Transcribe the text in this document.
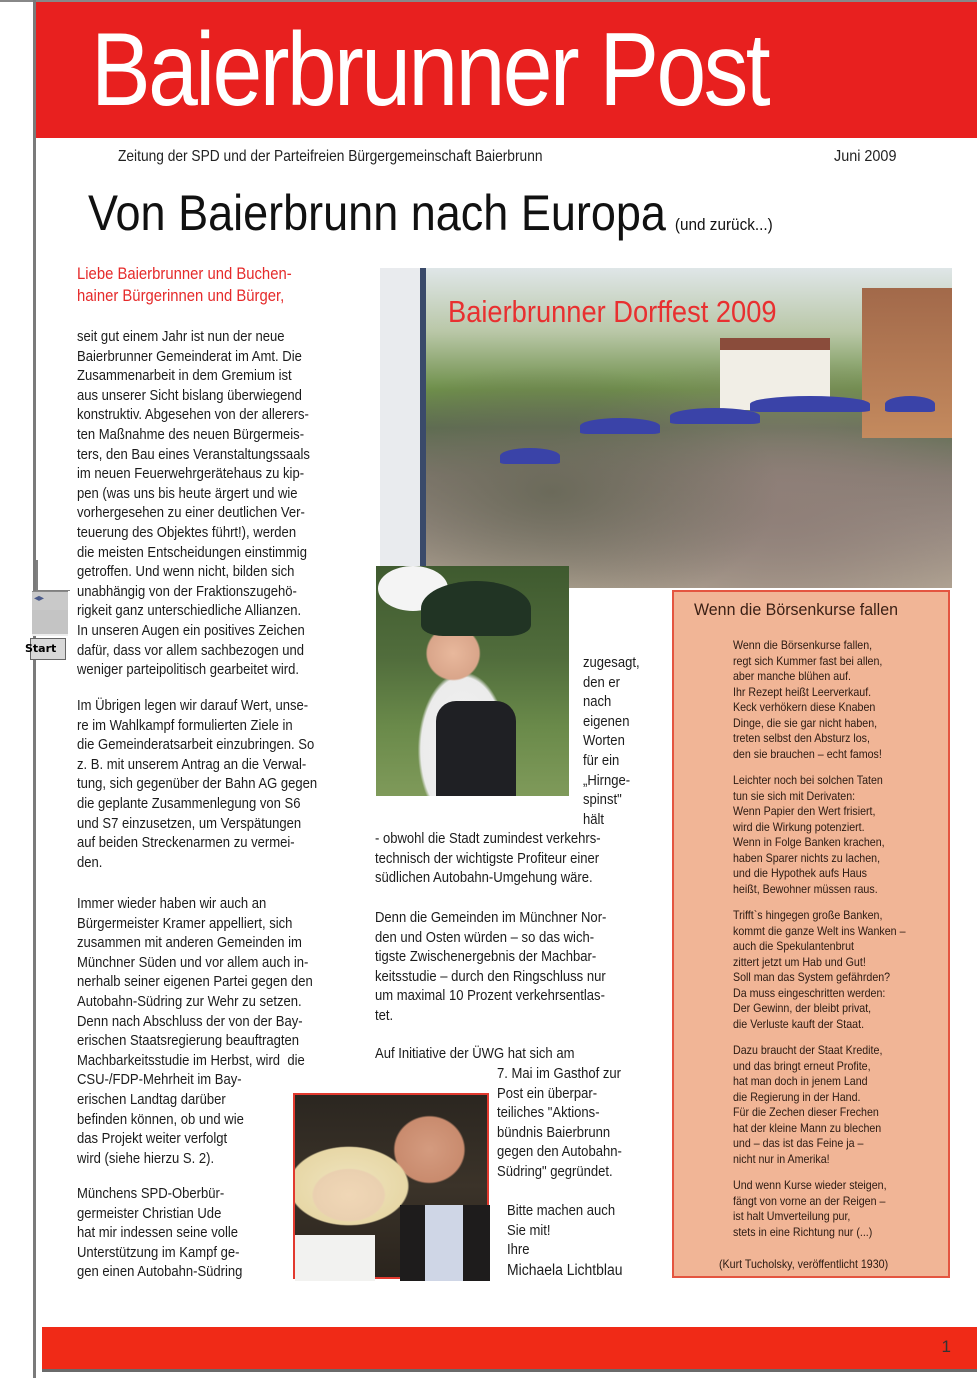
Baierbrunner Post
Zeitung der SPD und der Parteifreien Bürgergemeinschaft Baierbrunn	Juni 2009
Von Baierbrunn nach Europa (und zurück...)
Liebe Baierbrunner und Buchen-
hainer Bürgerinnen und Bürger,

seit gut einem Jahr ist nun der neue
Baierbrunner Gemeinderat im Amt. Die
Zusammenarbeit in dem Gremium ist
aus unserer Sicht bislang überwiegend
konstruktiv. Abgesehen von der allerers-
ten Maßnahme des neuen Bürgermeis-
ters, den Bau eines Veranstaltungssaals
im neuen Feuerwehrgerätehaus zu kip-
pen (was uns bis heute ärgert und wie
vorhergesehen zu einer deutlichen Ver-
teuerung des Objektes führt!), werden
die meisten Entscheidungen einstimmig
getroffen. Und wenn nicht, bilden sich
unabhängig von der Fraktionszugehö-
rigkeit ganz unterschiedliche Allianzen.
In unseren Augen ein positives Zeichen
dafür, dass vor allem sachbezogen und
weniger parteipolitisch gearbeitet wird.

Im Übrigen legen wir darauf Wert, unse-
re im Wahlkampf formulierten Ziele in
die Gemeinderatsarbeit einzubringen. So
z. B. mit unserem Antrag an die Verwal-
tung, sich gegenüber der Bahn AG gegen
die geplante Zusammenlegung von S6
und S7 einzusetzen, um Verspätungen
auf beiden Streckenarmen zu vermei-
den.

Immer wieder haben wir auch an
Bürgermeister Kramer appelliert, sich
zusammen mit anderen Gemeinden im
Münchner Süden und vor allem auch in-
nerhalb seiner eigenen Partei gegen den
Autobahn-Südring zur Wehr zu setzen.
Denn nach Abschluss der von der Bay-
erischen Staatsregierung beauftragten
Machbarkeitsstudie im Herbst, wird  die
CSU-/FDP-Mehrheit im Bay-
erischen Landtag darüber
befinden können, ob und wie
das Projekt weiter verfolgt
wird (siehe hierzu S. 2).

Münchens SPD-Oberbür-
germeister Christian Ude
hat mir indessen seine volle
Unterstützung im Kampf ge-
gen einen Autobahn-Südring

Baierbrunner Dorffest 2009

zugesagt,
den er
nach
eigenen
Worten
für ein
„Hirnge-
spinst"
hält

- obwohl die Stadt zumindest verkehrs-
technisch der wichtigste Profiteur einer
südlichen Autobahn-Umgehung wäre.

Denn die Gemeinden im Münchner Nor-
den und Osten würden – so das wich-
tigste Zwischenergebnis der Machbar-
keitsstudie – durch den Ringschluss nur
um maximal 10 Prozent verkehrsentlas-
tet.

Auf Initiative der ÜWG hat sich am

7. Mai im Gasthof zur
Post ein überpar-
teiliches "Aktions-
bündnis Baierbrunn
gegen den Autobahn-
Südring" gegründet.

Bitte machen auch
Sie mit!
Ihre

Michaela Lichtblau
Wenn die Börsenkurse fallen
Wenn die Börsenkurse fallen,
regt sich Kummer fast bei allen,
aber manche blühen auf.
Ihr Rezept heißt Leerverkauf.
Keck verhökern diese Knaben
Dinge, die sie gar nicht haben,
treten selbst den Absturz los,
den sie brauchen – echt famos!
Leichter noch bei solchen Taten
tun sie sich mit Derivaten:
Wenn Papier den Wert frisiert,
wird die Wirkung potenziert.
Wenn in Folge Banken krachen,
haben Sparer nichts zu lachen,
und die Hypothek aufs Haus
heißt, Bewohner müssen raus.
Trifft`s hingegen große Banken,
kommt die ganze Welt ins Wanken –
auch die Spekulantenbrut
zittert jetzt um Hab und Gut!
Soll man das System gefährden?
Da muss eingeschritten werden:
Der Gewinn, der bleibt privat,
die Verluste kauft der Staat.
Dazu braucht der Staat Kredite,
und das bringt erneut Profite,
hat man doch in jenem Land
die Regierung in der Hand.
Für die Zechen dieser Frechen
hat der kleine Mann zu blechen
und – das ist das Feine ja –
nicht nur in Amerika!
Und wenn Kurse wieder steigen,
fängt von vorne an der Reigen –
ist halt Umverteilung pur,
stets in eine Richtung nur (...)
(Kurt Tucholsky, veröffentlicht 1930)
1
◂▸
Start
